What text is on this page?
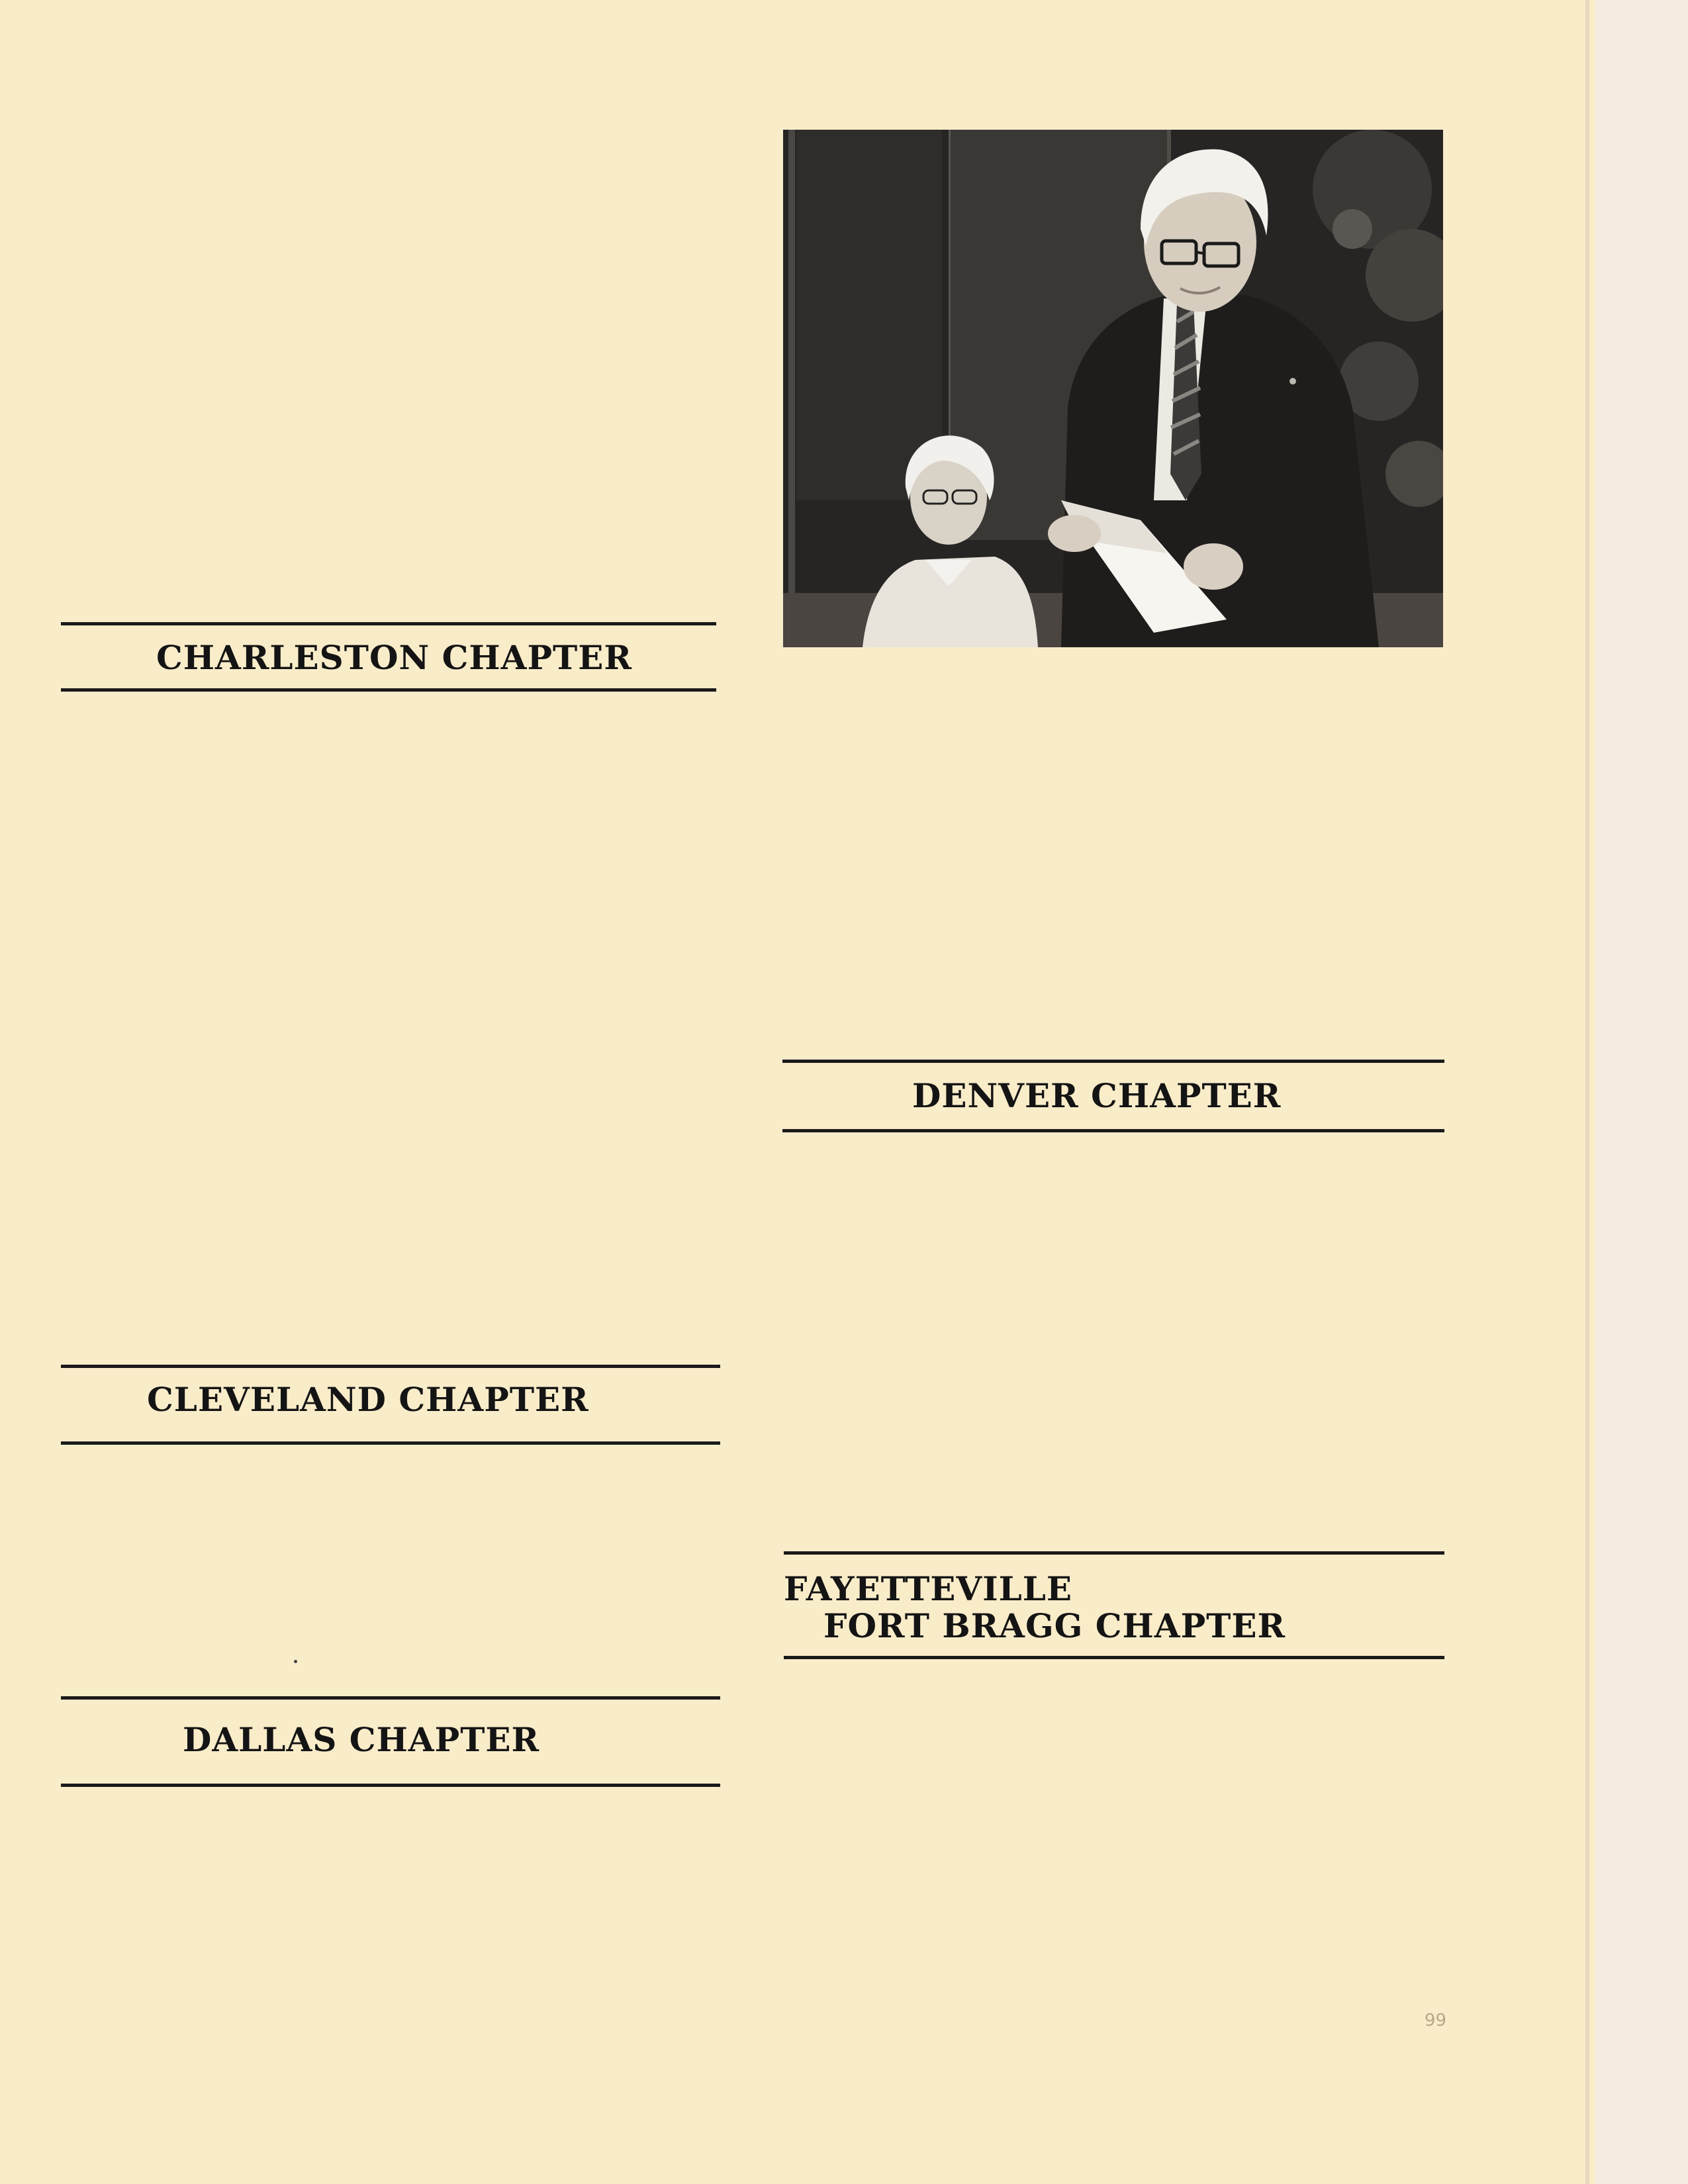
CHARLESTON CHAPTER
DENVER CHAPTER
CLEVELAND CHAPTER
FAYETTEVILLE
FORT BRAGG CHAPTER
DALLAS CHAPTER
99
